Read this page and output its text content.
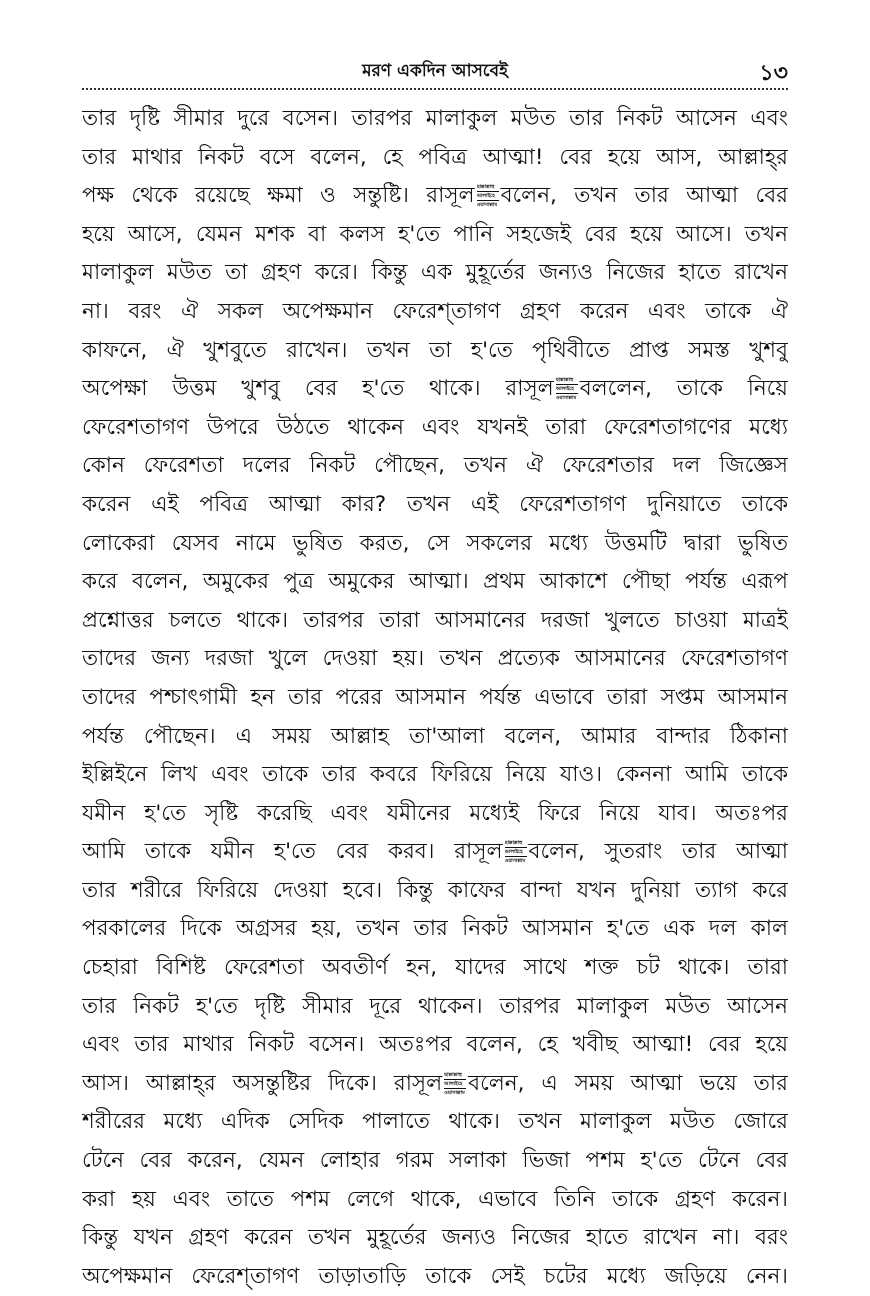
মরণ একদিন আসবেই	১৩
তার দৃষ্টি সীমার দুরে বসেন। তারপর মালাকুল মউত তার নিকট আসেন এবং
তার মাথার নিকট বসে বলেন, হে পবিত্র আত্মা! বের হয়ে আস, আল্লাহ্‌র
পক্ষ থেকে রয়েছে ক্ষমা ও সন্তুষ্টি। রাসূল ছাল্লাল্লাহু
আলাইহে
ওয়াসাল্লাম বলেন, তখন তার আত্মা বের
হয়ে আসে, যেমন মশক বা কলস হ'তে পানি সহজেই বের হয়ে আসে। তখন
মালাকুল মউত তা গ্রহণ করে। কিন্তু এক মুহূর্তের জন্যও নিজের হাতে রাখেন
না। বরং ঐ সকল অপেক্ষমান ফেরেশ্‌তাগণ গ্রহণ করেন এবং তাকে ঐ
কাফনে, ঐ খুশবুতে রাখেন। তখন তা হ'তে পৃথিবীতে প্রাপ্ত সমস্ত খুশবু
অপেক্ষা উত্তম খুশবু বের হ'তে থাকে। রাসূল ছাল্লাল্লাহু
আলাইহে
ওয়াসাল্লাম বললেন, তাকে নিয়ে
ফেরেশতাগণ উপরে উঠতে থাকেন এবং যখনই তারা ফেরেশতাগণের মধ্যে
কোন ফেরেশতা দলের নিকট পৌছেন, তখন ঐ ফেরেশতার দল জিজ্ঞেস
করেন এই পবিত্র আত্মা কার? তখন এই ফেরেশতাগণ দুনিয়াতে তাকে
লোকেরা যেসব নামে ভুষিত করত, সে সকলের মধ্যে উত্তমটি দ্বারা ভুষিত
করে বলেন, অমুকের পুত্র অমুকের আত্মা। প্রথম আকাশে পৌছা পর্যন্ত এরূপ
প্রশ্নোত্তর চলতে থাকে। তারপর তারা আসমানের দরজা খুলতে চাওয়া মাত্রই
তাদের জন্য দরজা খুলে দেওয়া হয়। তখন প্রত্যেক আসমানের ফেরেশতাগণ
তাদের পশ্চাৎগামী হন তার পরের আসমান পর্যন্ত এভাবে তারা সপ্তম আসমান
পর্যন্ত পৌছেন। এ সময় আল্লাহ তা'আলা বলেন, আমার বান্দার ঠিকানা
ইল্লিইনে লিখ এবং তাকে তার কবরে ফিরিয়ে নিয়ে যাও। কেননা আমি তাকে
যমীন হ'তে সৃষ্টি করেছি এবং যমীনের মধ্যেই ফিরে নিয়ে যাব। অতঃপর
আমি তাকে যমীন হ'তে বের করব। রাসূল ছাল্লাল্লাহু
আলাইহে
ওয়াসাল্লাম বলেন, সুতরাং তার আত্মা
তার শরীরে ফিরিয়ে দেওয়া হবে। কিন্তু কাফের বান্দা যখন দুনিয়া ত্যাগ করে
পরকালের দিকে অগ্রসর হয়, তখন তার নিকট আসমান হ'তে এক দল কাল
চেহারা বিশিষ্ট ফেরেশতা অবতীর্ণ হন, যাদের সাথে শক্ত চট থাকে। তারা
তার নিকট হ'তে দৃষ্টি সীমার দূরে থাকেন। তারপর মালাকুল মউত আসেন
এবং তার মাথার নিকট বসেন। অতঃপর বলেন, হে খবীছ আত্মা! বের হয়ে
আস। আল্লাহ্‌র অসন্তুষ্টির দিকে। রাসূল ছাল্লাল্লাহু
আলাইহে
ওয়াসাল্লাম বলেন, এ সময় আত্মা ভয়ে তার
শরীরের মধ্যে এদিক সেদিক পালাতে থাকে। তখন মালাকুল মউত জোরে
টেনে বের করেন, যেমন লোহার গরম সলাকা ভিজা পশম হ'তে টেনে বের
করা হয় এবং তাতে পশম লেগে থাকে, এভাবে তিনি তাকে গ্রহণ করেন।
কিন্তু যখন গ্রহণ করেন তখন মুহূর্তের জন্যও নিজের হাতে রাখেন না। বরং
অপেক্ষমান ফেরেশ্‌তাগণ তাড়াতাড়ি তাকে সেই চটের মধ্যে জড়িয়ে নেন।
